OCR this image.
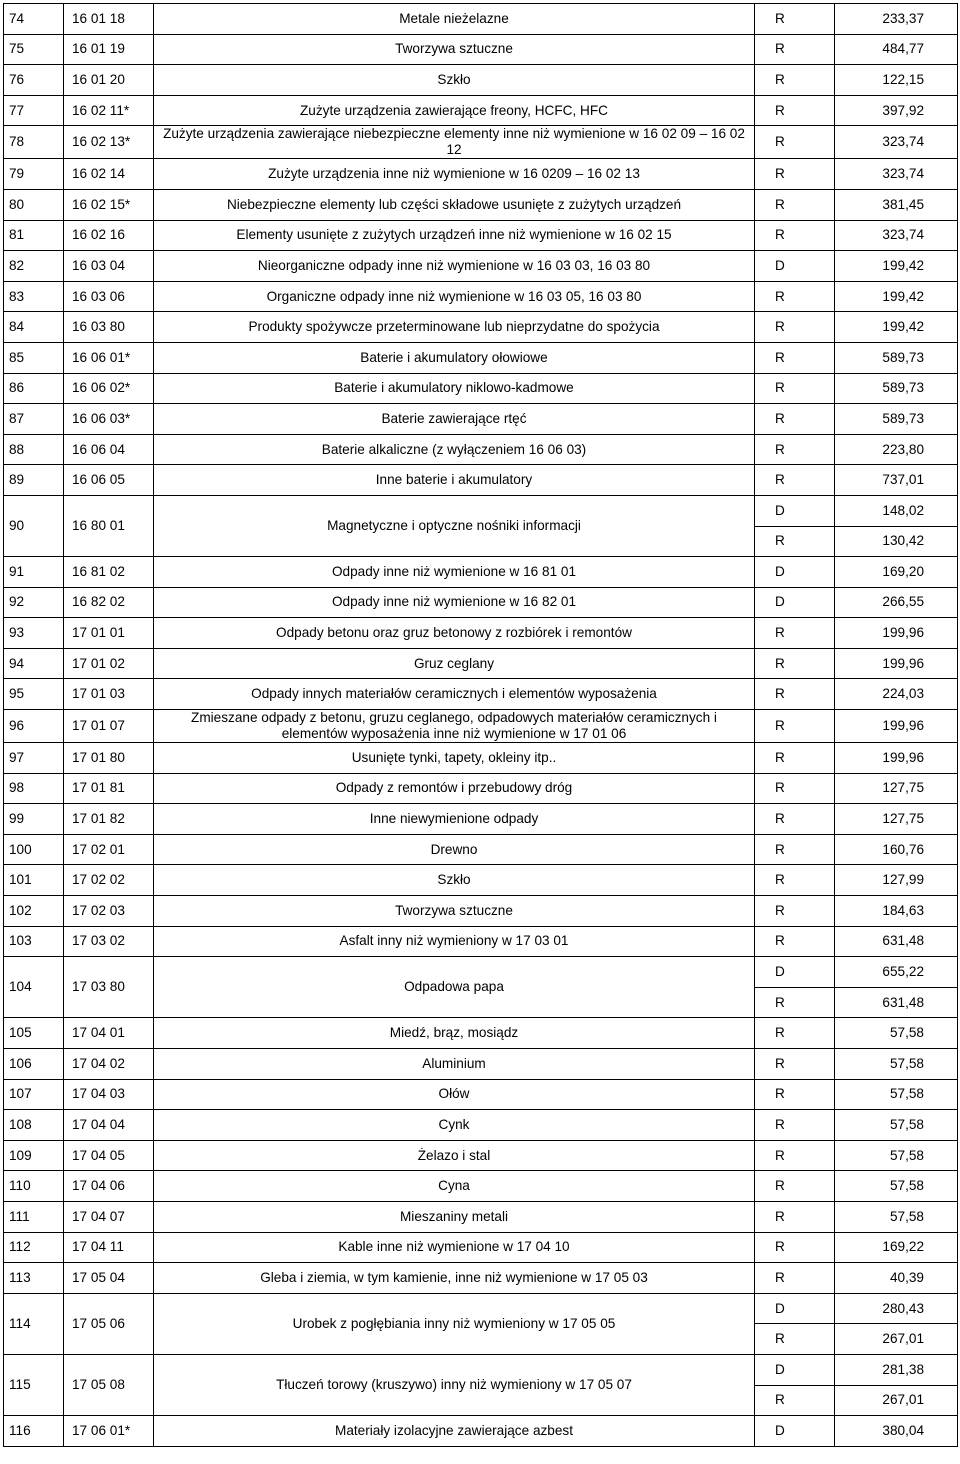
74	16 01 18	Metale nieżelazne	R	233,37
75	16 01 19	Tworzywa sztuczne	R	484,77
76	16 01 20	Szkło	R	122,15
77	16 02 11*	Zużyte urządzenia zawierające freony, HCFC, HFC	R	397,92
78	16 02 13*	Zużyte urządzenia zawierające niebezpieczne elementy inne niż wymienione w 16 02 09 – 16 02 12	R	323,74
79	16 02 14	Zużyte urządzenia inne niż wymienione w 16 0209 – 16 02 13	R	323,74
80	16 02 15*	Niebezpieczne elementy lub części składowe usunięte z zużytych urządzeń	R	381,45
81	16 02 16	Elementy usunięte z zużytych urządzeń inne niż wymienione w 16 02 15	R	323,74
82	16 03 04	Nieorganiczne odpady inne niż wymienione w 16 03 03, 16 03 80	D	199,42
83	16 03 06	Organiczne odpady inne niż wymienione w 16 03 05, 16 03 80	R	199,42
84	16 03 80	Produkty spożywcze przeterminowane lub nieprzydatne do spożycia	R	199,42
85	16 06 01*	Baterie i akumulatory ołowiowe	R	589,73
86	16 06 02*	Baterie i akumulatory niklowo-kadmowe	R	589,73
87	16 06 03*	Baterie zawierające rtęć	R	589,73
88	16 06 04	Baterie alkaliczne (z wyłączeniem 16 06 03)	R	223,80
89	16 06 05	Inne baterie i akumulatory	R	737,01
90	16 80 01	Magnetyczne i optyczne nośniki informacji	D	148,02
			R	130,42
91	16 81 02	Odpady inne niż wymienione w 16 81 01	D	169,20
92	16 82 02	Odpady inne niż wymienione w 16 82 01	D	266,55
93	17 01 01	Odpady betonu oraz gruz betonowy z rozbiórek i remontów	R	199,96
94	17 01 02	Gruz ceglany	R	199,96
95	17 01 03	Odpady innych materiałów ceramicznych i elementów wyposażenia	R	224,03
96	17 01 07	Zmieszane odpady z betonu, gruzu ceglanego, odpadowych materiałów ceramicznych i elementów wyposażenia inne niż wymienione w 17 01 06	R	199,96
97	17 01 80	Usunięte tynki, tapety, okleiny itp..	R	199,96
98	17 01 81	Odpady z remontów i przebudowy dróg	R	127,75
99	17 01 82	Inne niewymienione odpady	R	127,75
100	17 02 01	Drewno	R	160,76
101	17 02 02	Szkło	R	127,99
102	17 02 03	Tworzywa sztuczne	R	184,63
103	17 03 02	Asfalt inny niż wymieniony w 17 03 01	R	631,48
104	17 03 80	Odpadowa papa	D	655,22
			R	631,48
105	17 04 01	Miedź, brąz, mosiądz	R	57,58
106	17 04 02	Aluminium	R	57,58
107	17 04 03	Ołów	R	57,58
108	17 04 04	Cynk	R	57,58
109	17 04 05	Żelazo i stal	R	57,58
110	17 04 06	Cyna	R	57,58
111	17 04 07	Mieszaniny metali	R	57,58
112	17 04 11	Kable inne niż wymienione w 17 04 10	R	169,22
113	17 05 04	Gleba i ziemia, w tym kamienie, inne niż wymienione w 17 05 03	R	40,39
114	17 05 06	Urobek z pogłębiania inny niż wymieniony w 17 05 05	D	280,43
			R	267,01
115	17 05 08	Tłuczeń torowy (kruszywo) inny niż wymieniony w 17 05 07	D	281,38
			R	267,01
116	17 06 01*	Materiały izolacyjne zawierające azbest	D	380,04
